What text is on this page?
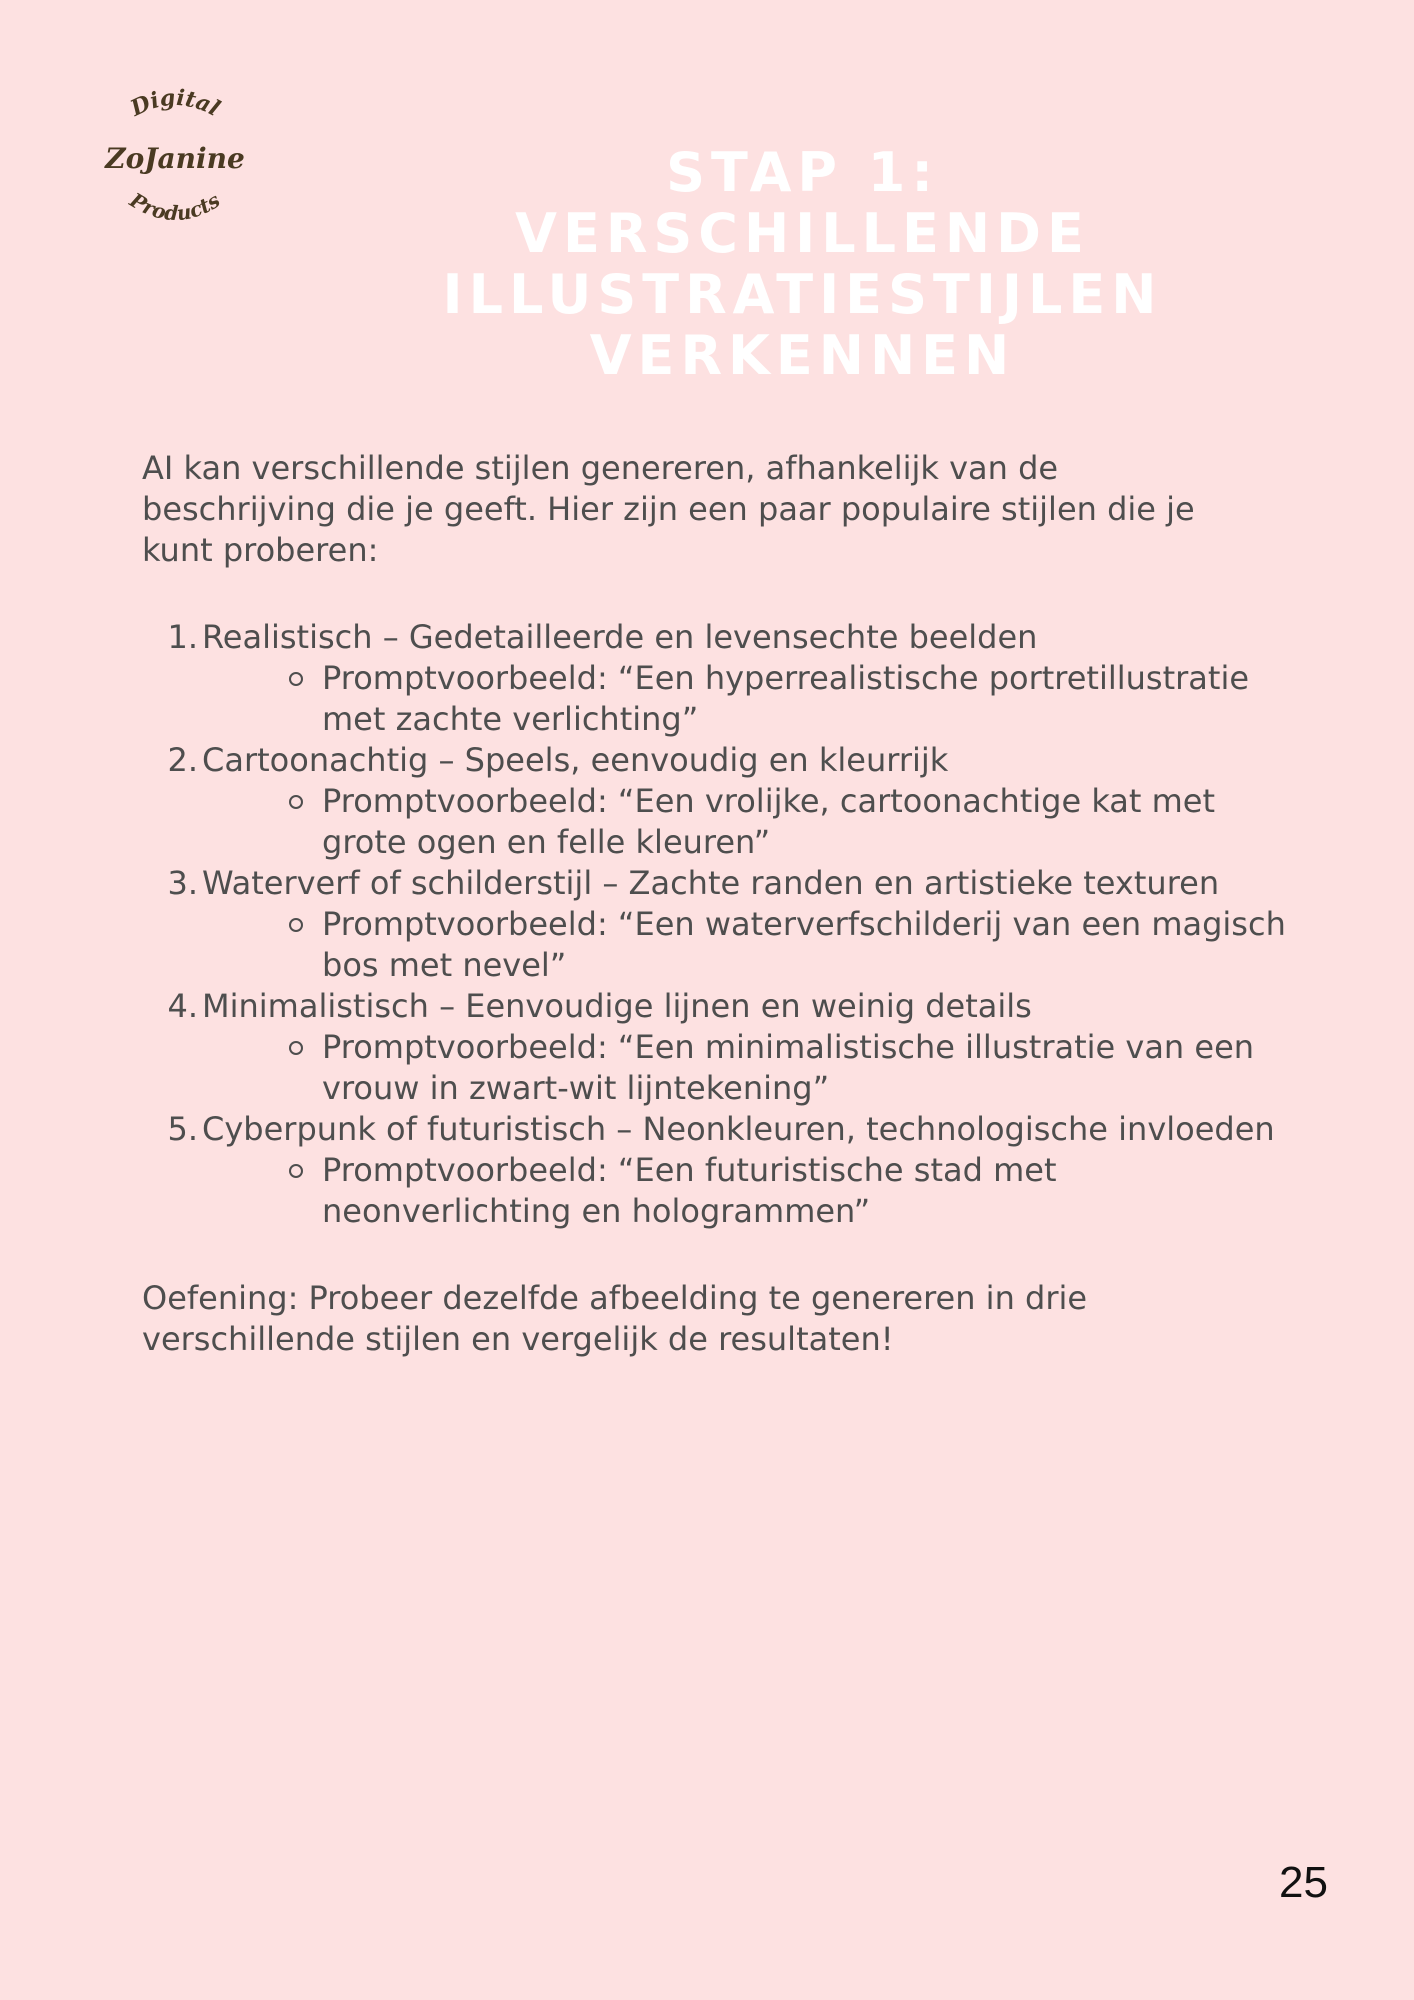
Digital
ZoJanine
Products	STAP 1:
VERSCHILLENDE
ILLUSTRATIESTIJLEN
VERKENNEN

AI kan verschillende stijlen genereren, afhankelijk van de beschrijving die je geeft. Hier zijn een paar populaire stijlen die je kunt proberen:

1. Realistisch – Gedetailleerde en levensechte beelden
Promptvoorbeeld: “Een hyperrealistische portretillustratie met zachte verlichting”
2. Cartoonachtig – Speels, eenvoudig en kleurrijk
Promptvoorbeeld: “Een vrolijke, cartoonachtige kat met grote ogen en felle kleuren”
3. Waterverf of schilderstijl – Zachte randen en artistieke texturen
Promptvoorbeeld: “Een waterverfschilderij van een magisch bos met nevel”
4. Minimalistisch – Eenvoudige lijnen en weinig details
Promptvoorbeeld: “Een minimalistische illustratie van een vrouw in zwart-wit lijntekening”
5. Cyberpunk of futuristisch – Neonkleuren, technologische invloeden
Promptvoorbeeld: “Een futuristische stad met neonverlichting en hologrammen”

Oefening: Probeer dezelfde afbeelding te genereren in drie verschillende stijlen en vergelijk de resultaten!

25
